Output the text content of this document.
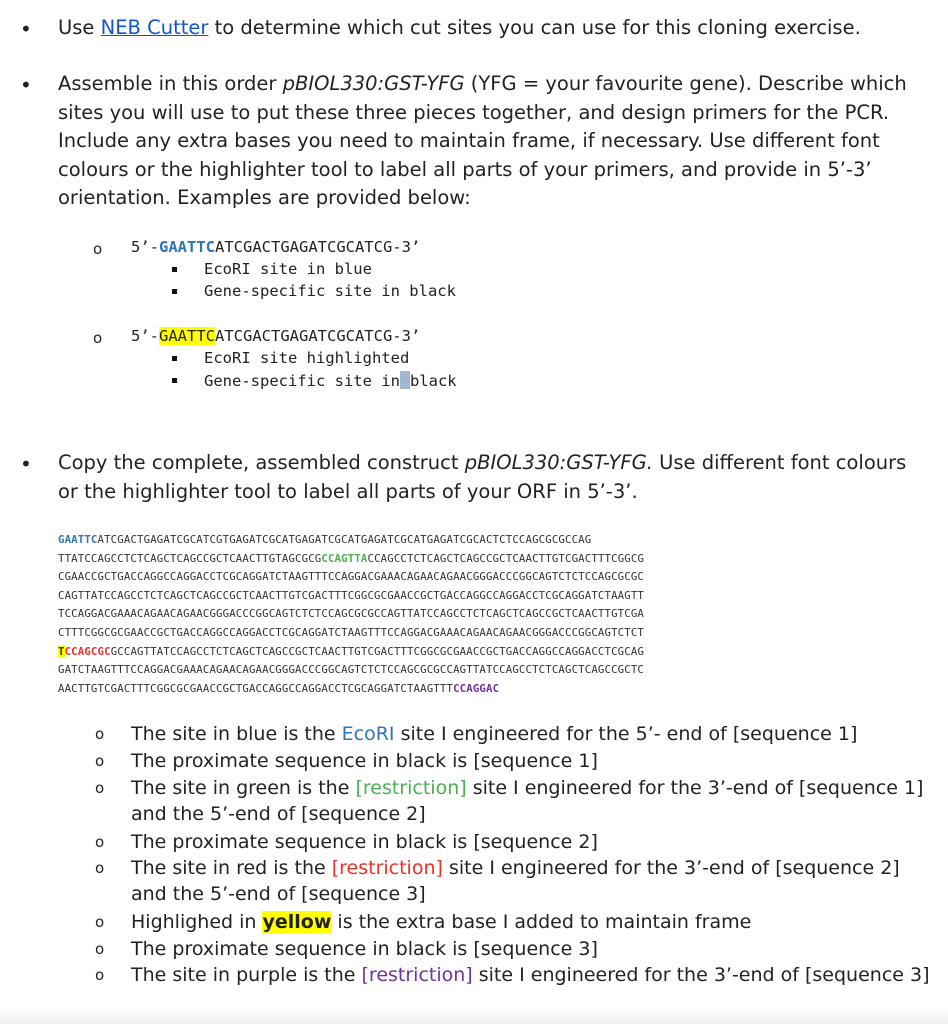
• Use NEB Cutter to determine which cut sites you can use for this cloning exercise.
• Assemble in this order pBIOL330:GST-YFG (YFG = your favourite gene). Describe which sites you will use to put these three pieces together, and design primers for the PCR. Include any extra bases you need to maintain frame, if necessary. Use different font colours or the highlighter tool to label all parts of your primers, and provide in 5’-3’ orientation. Examples are provided below:
o 5’-GAATTCATCGACTGAGATCGCATCG-3’
EcoRI site in blue
Gene-specific site in black
o 5’-GAATTCATCGACTGAGATCGCATCG-3’
EcoRI site highlighted
Gene-specific site in black
• Copy the complete, assembled construct pBIOL330:GST-YFG. Use different font colours or the highlighter tool to label all parts of your ORF in 5’-3’.
GAATTCATCGACTGAGATCGCATCGTGAGATCGCATGAGATCGCATGAGATCGCATGAGATCGCACTCTCCAGCGCGCCAG
TTATCCAGCCTCTCAGCTCAGCCGCTCAACTTGTAGCGCGCCAGTTACCAGCCTCTCAGCTCAGCCGCTCAACTTGTCGACTTTCGGCG
CGAACCGCTGACCAGGCCAGGACCTCGCAGGATCTAAGTTTCCAGGACGAAACAGAACAGAACGGGACCCGGCAGTCTCTCCAGCGCGC
CAGTTATCCAGCCTCTCAGCTCAGCCGCTCAACTTGTCGACTTTCGGCGCGAACCGCTGACCAGGCCAGGACCTCGCAGGATCTAAGTT
TCCAGGACGAAACAGAACAGAACGGGACCCGGCAGTCTCTCCAGCGCGCCAGTTATCCAGCCTCTCAGCTCAGCCGCTCAACTTGTCGA
CTTTCGGCGCGAACCGCTGACCAGGCCAGGACCTCGCAGGATCTAAGTTTCCAGGACGAAACAGAACAGAACGGGACCCGGCAGTCTCT
TCCAGCGCGCCAGTTATCCAGCCTCTCAGCTCAGCCGCTCAACTTGTCGACTTTCGGCGCGAACCGCTGACCAGGCCAGGACCTCGCAG
GATCTAAGTTTCCAGGACGAAACAGAACAGAACGGGACCCGGCAGTCTCTCCAGCGCGCCAGTTATCCAGCCTCTCAGCTCAGCCGCTC
AACTTGTCGACTTTCGGCGCGAACCGCTGACCAGGCCAGGACCTCGCAGGATCTAAGTTTCCAGGAC
o The site in blue is the EcoRI site I engineered for the 5’- end of [sequence 1]
o The proximate sequence in black is [sequence 1]
o The site in green is the [restriction] site I engineered for the 3’-end of [sequence 1] and the 5’-end of [sequence 2]
o The proximate sequence in black is [sequence 2]
o The site in red is the [restriction] site I engineered for the 3’-end of [sequence 2] and the 5’-end of [sequence 3]
o Highlighed in yellow is the extra base I added to maintain frame
o The proximate sequence in black is [sequence 3]
o The site in purple is the [restriction] site I engineered for the 3’-end of [sequence 3]
